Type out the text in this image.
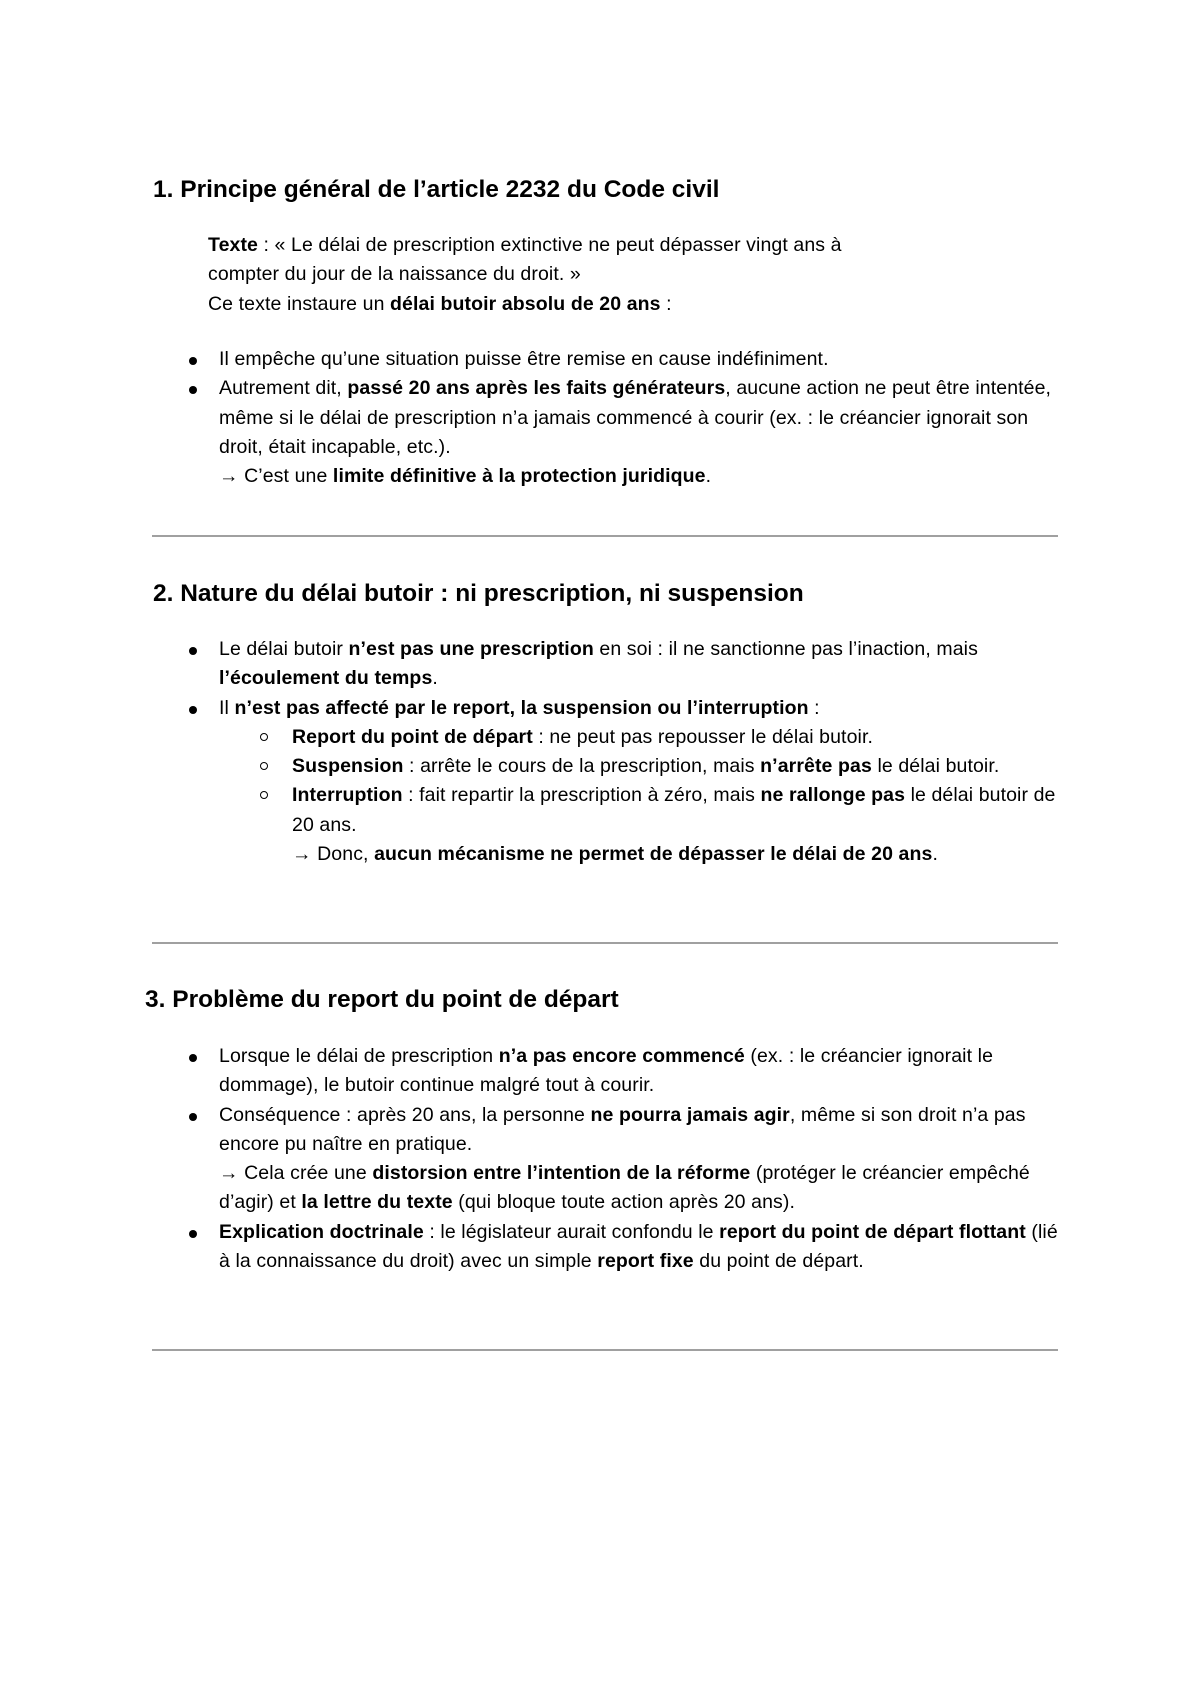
1. Principe général de l’article 2232 du Code civil

Texte : « Le délai de prescription extinctive ne peut dépasser vingt ans à
compter du jour de la naissance du droit. »
Ce texte instaure un délai butoir absolu de 20 ans :

Il empêche qu’une situation puisse être remise en cause indéfiniment.
Autrement dit, passé 20 ans après les faits générateurs, aucune action ne peut être intentée, même si le délai de prescription n’a jamais commencé à courir (ex. : le créancier ignorait son droit, était incapable, etc.).
→ C’est une limite définitive à la protection juridique.
2. Nature du délai butoir : ni prescription, ni suspension
Le délai butoir n’est pas une prescription en soi : il ne sanctionne pas l’inaction, mais l’écoulement du temps.
Il n’est pas affecté par le report, la suspension ou l’interruption :
Report du point de départ : ne peut pas repousser le délai butoir.
Suspension : arrête le cours de la prescription, mais n’arrête pas le délai butoir.
Interruption : fait repartir la prescription à zéro, mais ne rallonge pas le délai butoir de 20 ans.
→ Donc, aucun mécanisme ne permet de dépasser le délai de 20 ans.
3. Problème du report du point de départ
Lorsque le délai de prescription n’a pas encore commencé (ex. : le créancier ignorait le dommage), le butoir continue malgré tout à courir.
Conséquence : après 20 ans, la personne ne pourra jamais agir, même si son droit n’a pas encore pu naître en pratique.
→ Cela crée une distorsion entre l’intention de la réforme (protéger le créancier empêché d’agir) et la lettre du texte (qui bloque toute action après 20 ans).
Explication doctrinale : le législateur aurait confondu le report du point de départ flottant (lié à la connaissance du droit) avec un simple report fixe du point de départ.
